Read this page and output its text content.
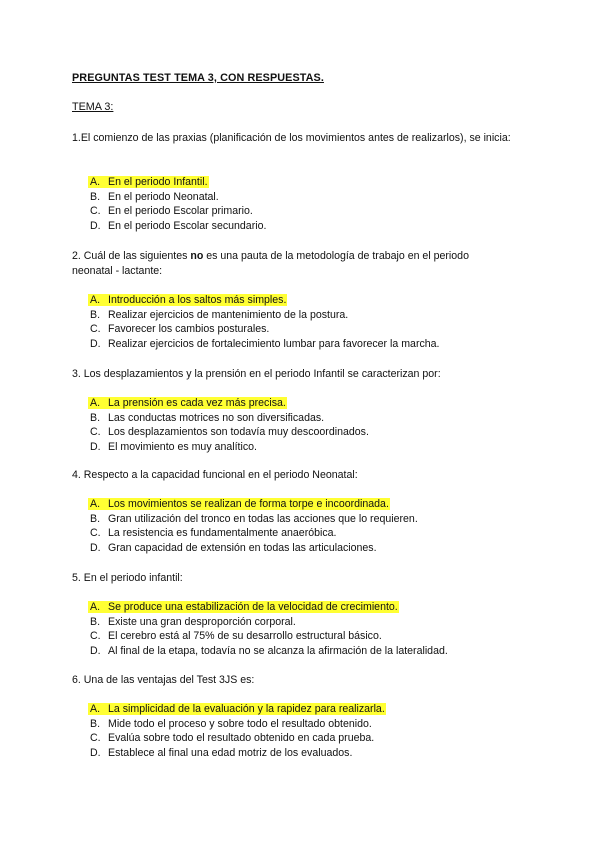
PREGUNTAS TEST TEMA 3, CON RESPUESTAS.
TEMA 3:
1.El comienzo de las praxias (planificación de los movimientos antes de realizarlos), se inicia:
A. En el periodo Infantil.
B. En el periodo Neonatal.
C. En el periodo Escolar primario.
D. En el periodo Escolar secundario.
2. Cuál de las siguientes no es una pauta de la metodología de trabajo en el periodo neonatal - lactante:
A. Introducción a los saltos más simples.
B. Realizar ejercicios de mantenimiento de la postura.
C. Favorecer los cambios posturales.
D. Realizar ejercicios de fortalecimiento lumbar para favorecer la marcha.
3. Los desplazamientos y la prensión en el periodo Infantil se caracterizan por:
A. La prensión es cada vez más precisa.
B. Las conductas motrices no son diversificadas.
C. Los desplazamientos son todavía muy descoordinados.
D. El movimiento es muy analítico.
4. Respecto a la capacidad funcional en el periodo Neonatal:
A. Los movimientos se realizan de forma torpe e incoordinada.
B. Gran utilización del tronco en todas las acciones que lo requieren.
C. La resistencia es fundamentalmente anaeróbica.
D. Gran capacidad de extensión en todas las articulaciones.
5. En el periodo infantil:
A. Se produce una estabilización de la velocidad de crecimiento.
B. Existe una gran desproporción corporal.
C. El cerebro está al 75% de su desarrollo estructural básico.
D. Al final de la etapa, todavía no se alcanza la afirmación de la lateralidad.
6. Una de las ventajas del Test 3JS es:
A. La simplicidad de la evaluación y la rapidez para realizarla.
B. Mide todo el proceso y sobre todo el resultado obtenido.
C. Evalúa sobre todo el resultado obtenido en cada prueba.
D. Establece al final una edad motriz de los evaluados.
